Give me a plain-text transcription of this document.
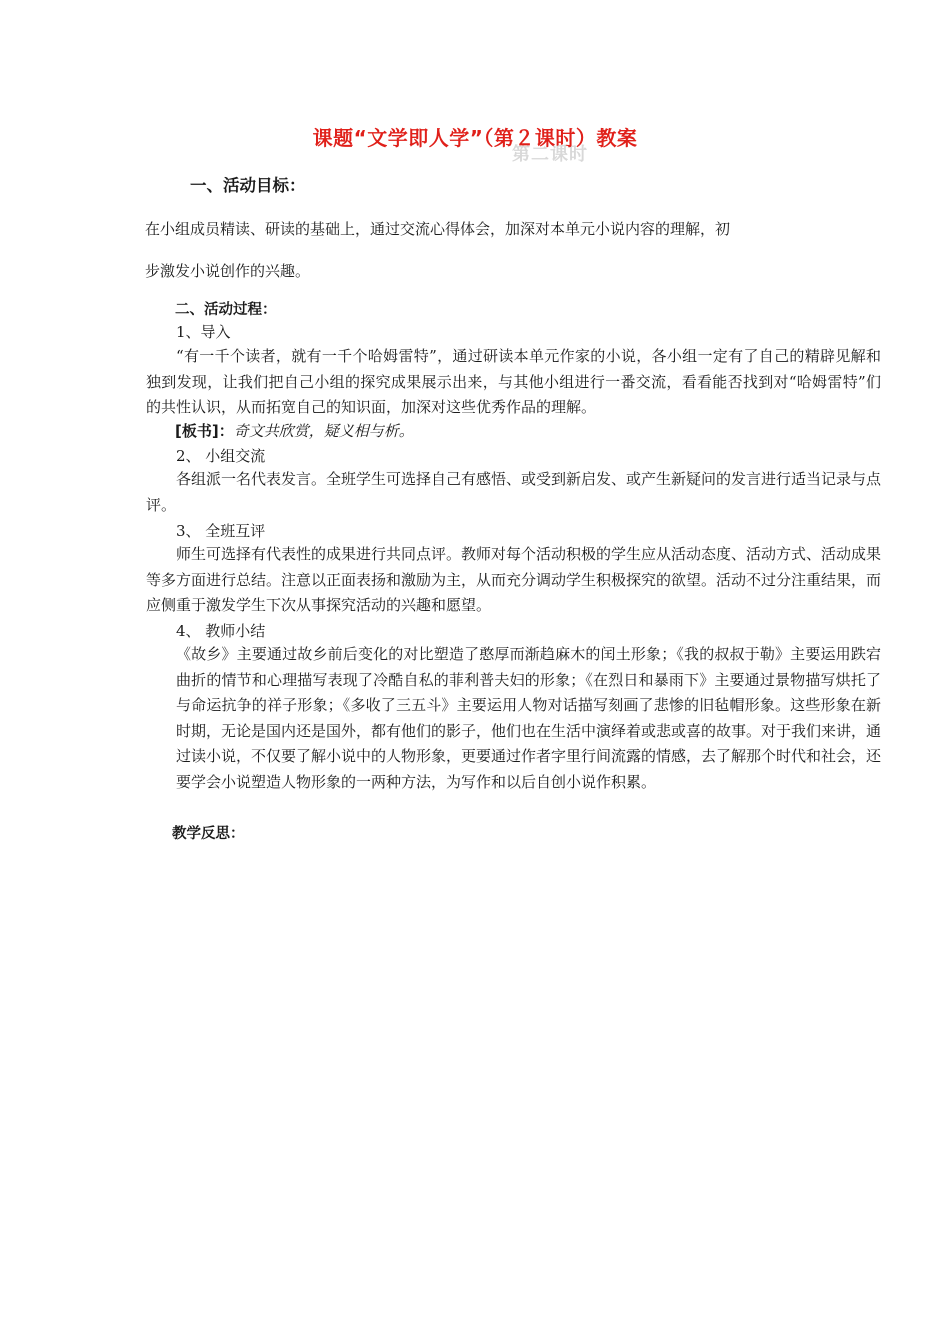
第二课时
课题“文学即人学”（第２课时）教案
一、活动目标：
在小组成员精读、研读的基础上，通过交流心得体会，加深对本单元小说内容的理解，初
步激发小说创作的兴趣。
二、活动过程：
1、导入
“有一千个读者，就有一千个哈姆雷特”，通过研读本单元作家的小说，各小组一定有了自己的精辟见解和独到发现，让我们把自己小组的探究成果展示出来，与其他小组进行一番交流，看看能否找到对“哈姆雷特”们的共性认识，从而拓宽自己的知识面，加深对这些优秀作品的理解。
[板书]：奇文共欣赏，疑义相与析。
2、 小组交流
各组派一名代表发言。全班学生可选择自己有感悟、或受到新启发、或产生新疑问的发言进行适当记录与点评。
3、 全班互评
师生可选择有代表性的成果进行共同点评。教师对每个活动积极的学生应从活动态度、活动方式、活动成果等多方面进行总结。注意以正面表扬和激励为主，从而充分调动学生积极探究的欲望。活动不过分注重结果，而应侧重于激发学生下次从事探究活动的兴趣和愿望。
4、 教师小结
《故乡》主要通过故乡前后变化的对比塑造了憨厚而渐趋麻木的闰土形象；《我的叔叔于勒》主要运用跌宕曲折的情节和心理描写表现了冷酷自私的菲利普夫妇的形象；《在烈日和暴雨下》主要通过景物描写烘托了与命运抗争的祥子形象；《多收了三五斗》主要运用人物对话描写刻画了悲惨的旧毡帽形象。这些形象在新时期，无论是国内还是国外，都有他们的影子，他们也在生活中演绎着或悲或喜的故事。对于我们来讲，通过读小说，不仅要了解小说中的人物形象，更要通过作者字里行间流露的情感，去了解那个时代和社会，还要学会小说塑造人物形象的一两种方法，为写作和以后自创小说作积累。
教学反思：
